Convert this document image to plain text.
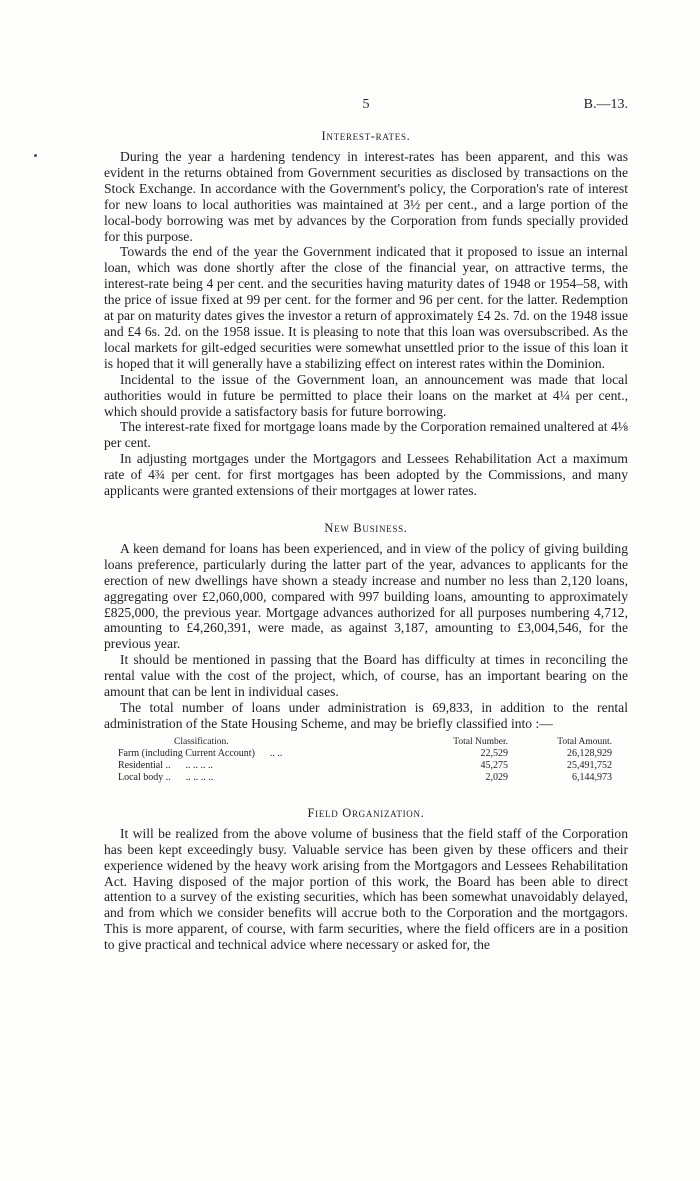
5	B.—13.
Interest-rates.

During the year a hardening tendency in interest-rates has been apparent, and this was evident in the returns obtained from Government securities as disclosed by transactions on the Stock Exchange. In accordance with the Government's policy, the Corporation's rate of interest for new loans to local authorities was maintained at 3½ per cent., and a large portion of the local-body borrowing was met by advances by the Corporation from funds specially provided for this purpose.

Towards the end of the year the Government indicated that it proposed to issue an internal loan, which was done shortly after the close of the financial year, on attractive terms, the interest-rate being 4 per cent. and the securities having maturity dates of 1948 or 1954–58, with the price of issue fixed at 99 per cent. for the former and 96 per cent. for the latter. Redemption at par on maturity dates gives the investor a return of approximately £4 2s. 7d. on the 1948 issue and £4 6s. 2d. on the 1958 issue. It is pleasing to note that this loan was oversubscribed. As the local markets for gilt-edged securities were somewhat unsettled prior to the issue of this loan it is hoped that it will generally have a stabilizing effect on interest rates within the Dominion.

Incidental to the issue of the Government loan, an announcement was made that local authorities would in future be permitted to place their loans on the market at 4¼ per cent., which should provide a satisfactory basis for future borrowing.

The interest-rate fixed for mortgage loans made by the Corporation remained unaltered at 4⅛ per cent.

In adjusting mortgages under the Mortgagors and Lessees Rehabilitation Act a maximum rate of 4¾ per cent. for first mortgages has been adopted by the Commissions, and many applicants were granted extensions of their mortgages at lower rates.

New Business.

A keen demand for loans has been experienced, and in view of the policy of giving building loans preference, particularly during the latter part of the year, advances to applicants for the erection of new dwellings have shown a steady increase and number no less than 2,120 loans, aggregating over £2,060,000, compared with 997 building loans, amounting to approximately £825,000, the previous year. Mortgage advances authorized for all purposes numbering 4,712, amounting to £4,260,391, were made, as against 3,187, amounting to £3,004,546, for the previous year.

It should be mentioned in passing that the Board has difficulty at times in reconciling the rental value with the cost of the project, which, of course, has an important bearing on the amount that can be lent in individual cases.

The total number of loans under administration is 69,833, in addition to the rental administration of the State Housing Scheme, and may be briefly classified into :—

Classification.	Total Number.	Total Amount.
Farm (including Current Account) .. ..	22,529	26,128,929
Residential .. .. .. .. ..	45,275	25,491,752
Local body .. .. .. .. ..	2,029	6,144,973
Field Organization.

It will be realized from the above volume of business that the field staff of the Corporation has been kept exceedingly busy. Valuable service has been given by these officers and their experience widened by the heavy work arising from the Mortgagors and Lessees Rehabilitation Act. Having disposed of the major portion of this work, the Board has been able to direct attention to a survey of the existing securities, which has been somewhat unavoidably delayed, and from which we consider benefits will accrue both to the Corporation and the mortgagors. This is more apparent, of course, with farm securities, where the field officers are in a position to give practical and technical advice where necessary or asked for, the
